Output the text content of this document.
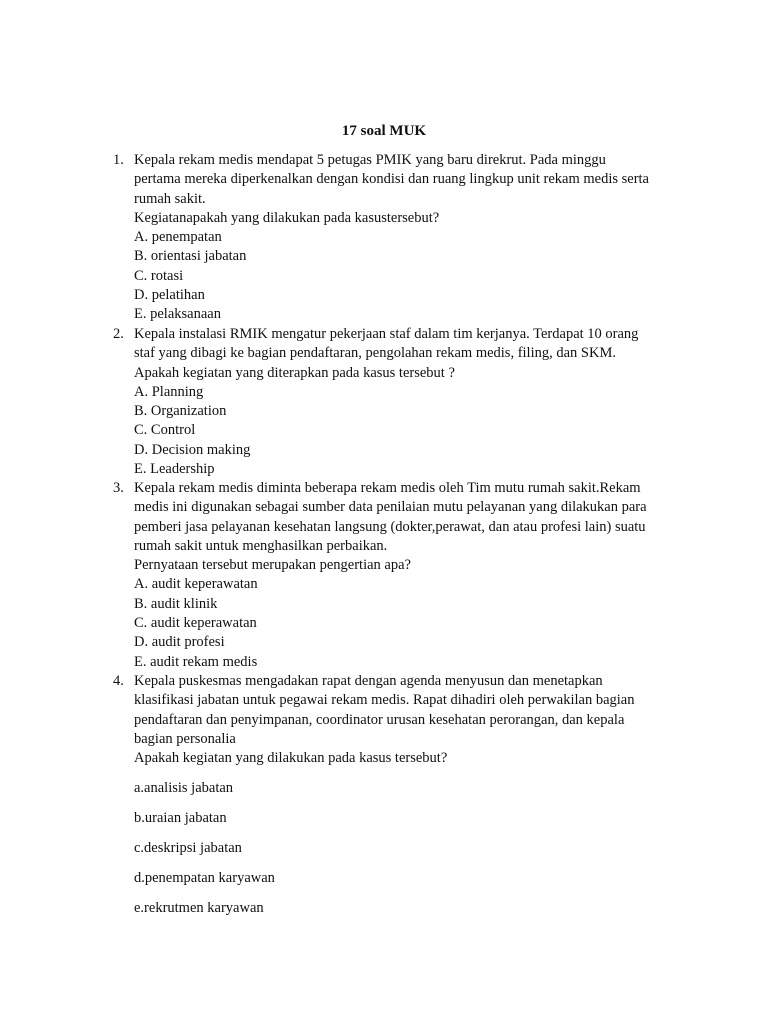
17 soal MUK
1. Kepala rekam medis mendapat 5 petugas PMIK yang baru direkrut. Pada minggu
pertama mereka diperkenalkan dengan kondisi dan ruang lingkup unit rekam medis serta
rumah sakit.
Kegiatanapakah yang dilakukan pada kasustersebut?
A. penempatan
B. orientasi jabatan
C. rotasi
D. pelatihan
E. pelaksanaan
2. Kepala instalasi RMIK mengatur pekerjaan staf dalam tim kerjanya. Terdapat 10 orang
staf yang dibagi ke bagian pendaftaran, pengolahan rekam medis, filing, dan SKM.
Apakah kegiatan yang diterapkan pada kasus tersebut ?
A. Planning
B. Organization
C. Control
D. Decision making
E. Leadership
3. Kepala rekam medis diminta beberapa rekam medis oleh Tim mutu rumah sakit.Rekam
medis ini digunakan sebagai sumber data penilaian mutu pelayanan yang dilakukan para
pemberi jasa pelayanan kesehatan langsung (dokter,perawat, dan atau profesi lain) suatu
rumah sakit untuk menghasilkan perbaikan.
Pernyataan tersebut merupakan pengertian apa?
A. audit keperawatan
B. audit klinik
C. audit keperawatan
D. audit profesi
E. audit rekam medis
4. Kepala puskesmas mengadakan rapat dengan agenda menyusun dan menetapkan
klasifikasi jabatan untuk pegawai rekam medis. Rapat dihadiri oleh perwakilan bagian
pendaftaran dan penyimpanan, coordinator urusan kesehatan perorangan, dan kepala
bagian personalia
Apakah kegiatan yang dilakukan pada kasus tersebut?
a.analisis jabatan
b.uraian jabatan
c.deskripsi jabatan
d.penempatan karyawan
e.rekrutmen karyawan
